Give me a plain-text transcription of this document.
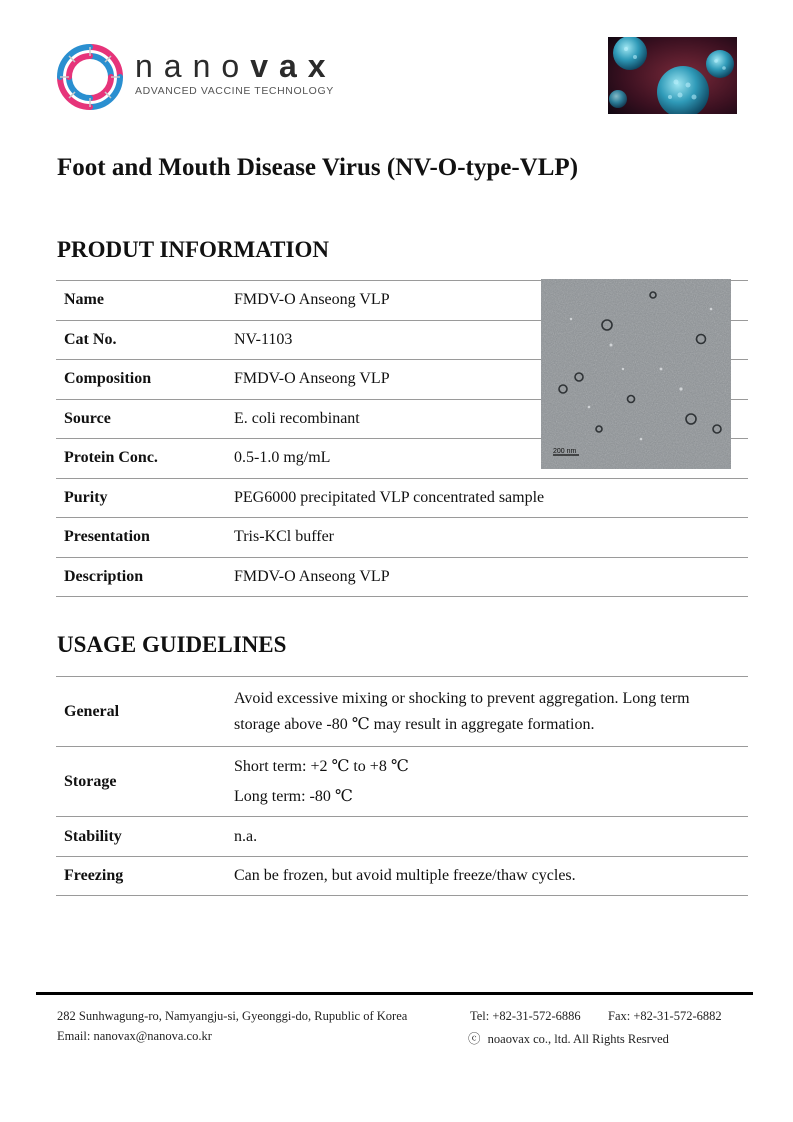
nanovax
ADVANCED VACCINE TECHNOLOGY
Foot and Mouth Disease Virus (NV-O-type-VLP)
PRODUT INFORMATION
Name	FMDV-O Anseong VLP
Cat No.	NV-1103
Composition	FMDV-O Anseong VLP
Source	E. coli recombinant
Protein Conc.	0.5-1.0 mg/mL
Purity	PEG6000 precipitated VLP concentrated sample
Presentation	Tris-KCl buffer
Description	FMDV-O Anseong VLP
200 nm
USAGE GUIDELINES
General	Avoid excessive mixing or shocking to prevent aggregation. Long term
storage above -80 ℃ may result in aggregate formation.

Storage	Short term: +2 ℃ to +8 ℃
Long term: -80 ℃

Stability	n.a.
Freezing	Can be frozen, but avoid multiple freeze/thaw cycles.
282 Sunhwagung-ro, Namyangju-si, Gyeonggi-do, Rupublic of Korea
Email: nanovax@nanova.co.kr
Tel: +82-31-572-6886 Fax: +82-31-572-6882
ⓒ noaovax co., ltd. All Rights Resrved
